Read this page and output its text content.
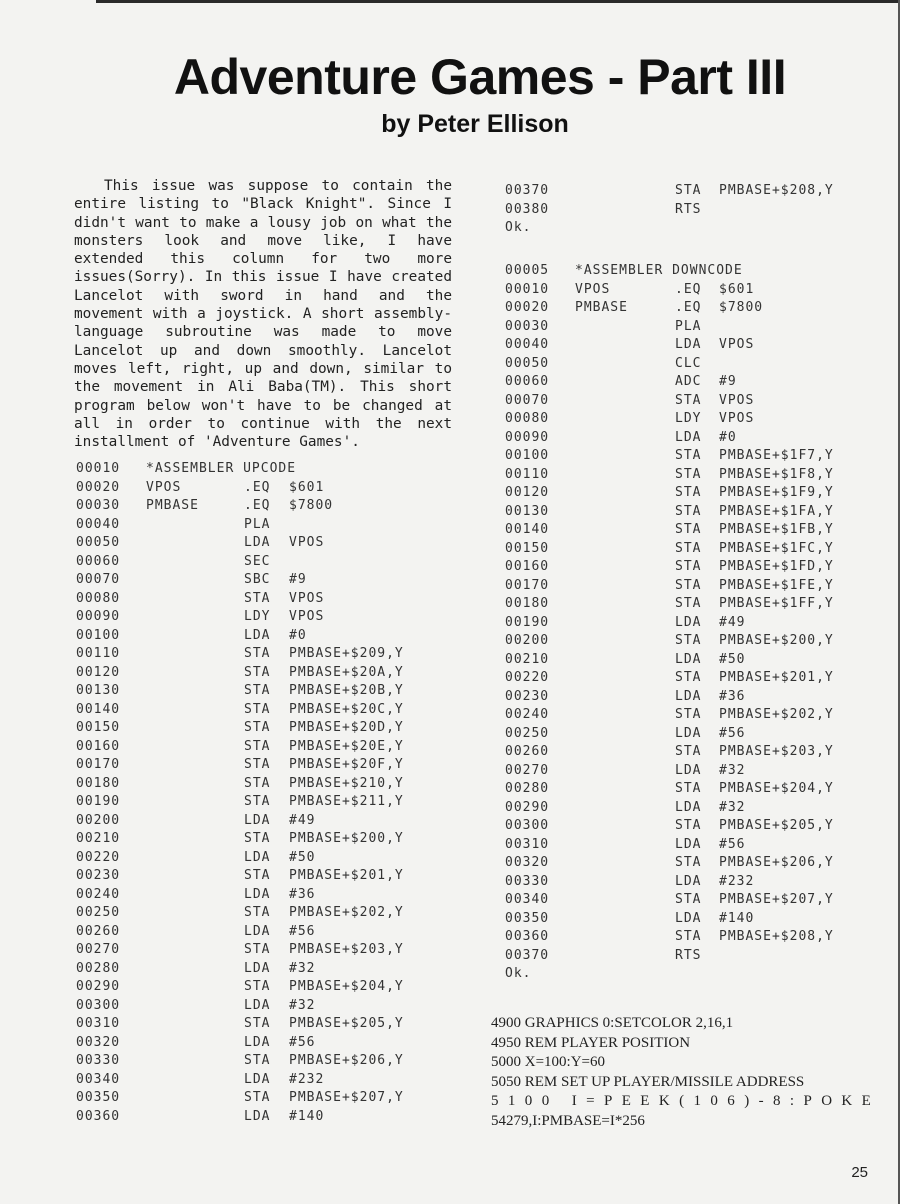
Adventure Games - Part III
by Peter Ellison

This issue was suppose to contain the entire listing to "Black Knight". Since I didn't want to make a lousy job on what the monsters look and move like, I have extended this column for two more issues(Sorry). In this issue I have created Lancelot with sword in hand and the movement with a joystick. A short assembly-language subroutine was made to move Lancelot up and down smoothly. Lancelot moves left, right, up and down, similar to the movement in Ali Baba(TM). This short program below won't have to be changed at all in order to continue with the next installment of 'Adventure Games'.

00010 *ASSEMBLER UPCODE
00020 VPOS	.EQ $601
00030 PMBASE	.EQ $7800
00040	PLA
00050	LDA VPOS
00060	SEC
00070	SBC #9
00080	STA VPOS
00090	LDY VPOS
00100	LDA #0
00110	STA PMBASE+$209,Y
00120	STA PMBASE+$20A,Y
00130	STA PMBASE+$20B,Y
00140	STA PMBASE+$20C,Y
00150	STA PMBASE+$20D,Y
00160	STA PMBASE+$20E,Y
00170	STA PMBASE+$20F,Y
00180	STA PMBASE+$210,Y
00190	STA PMBASE+$211,Y
00200	LDA #49
00210	STA PMBASE+$200,Y
00220	LDA #50
00230	STA PMBASE+$201,Y
00240	LDA #36
00250	STA PMBASE+$202,Y
00260	LDA #56
00270	STA PMBASE+$203,Y
00280	LDA #32
00290	STA PMBASE+$204,Y
00300	LDA #32
00310	STA PMBASE+$205,Y
00320	LDA #56
00330	STA PMBASE+$206,Y
00340	LDA #232
00350	STA PMBASE+$207,Y
00360	LDA #140
00370	STA PMBASE+$208,Y
00380	RTS
Ok.
00005 *ASSEMBLER DOWNCODE
00010 VPOS	.EQ $601
00020 PMBASE	.EQ $7800
00030	PLA
00040	LDA VPOS
00050	CLC
00060	ADC #9
00070	STA VPOS
00080	LDY VPOS
00090	LDA #0
00100	STA PMBASE+$1F7,Y
00110	STA PMBASE+$1F8,Y
00120	STA PMBASE+$1F9,Y
00130	STA PMBASE+$1FA,Y
00140	STA PMBASE+$1FB,Y
00150	STA PMBASE+$1FC,Y
00160	STA PMBASE+$1FD,Y
00170	STA PMBASE+$1FE,Y
00180	STA PMBASE+$1FF,Y
00190	LDA #49
00200	STA PMBASE+$200,Y
00210	LDA #50
00220	STA PMBASE+$201,Y
00230	LDA #36
00240	STA PMBASE+$202,Y
00250	LDA #56
00260	STA PMBASE+$203,Y
00270	LDA #32
00280	STA PMBASE+$204,Y
00290	LDA #32
00300	STA PMBASE+$205,Y
00310	LDA #56
00320	STA PMBASE+$206,Y
00330	LDA #232
00340	STA PMBASE+$207,Y
00350	LDA #140
00360	STA PMBASE+$208,Y
00370	RTS
Ok.
4900 GRAPHICS 0:SETCOLOR 2,16,1
4950 REM PLAYER POSITION
5000 X=100:Y=60
5050 REM SET UP PLAYER/MISSILE ADDRESS
5100 I=PEEK(106)-8:POKE
54279,I:PMBASE=I*256
25
